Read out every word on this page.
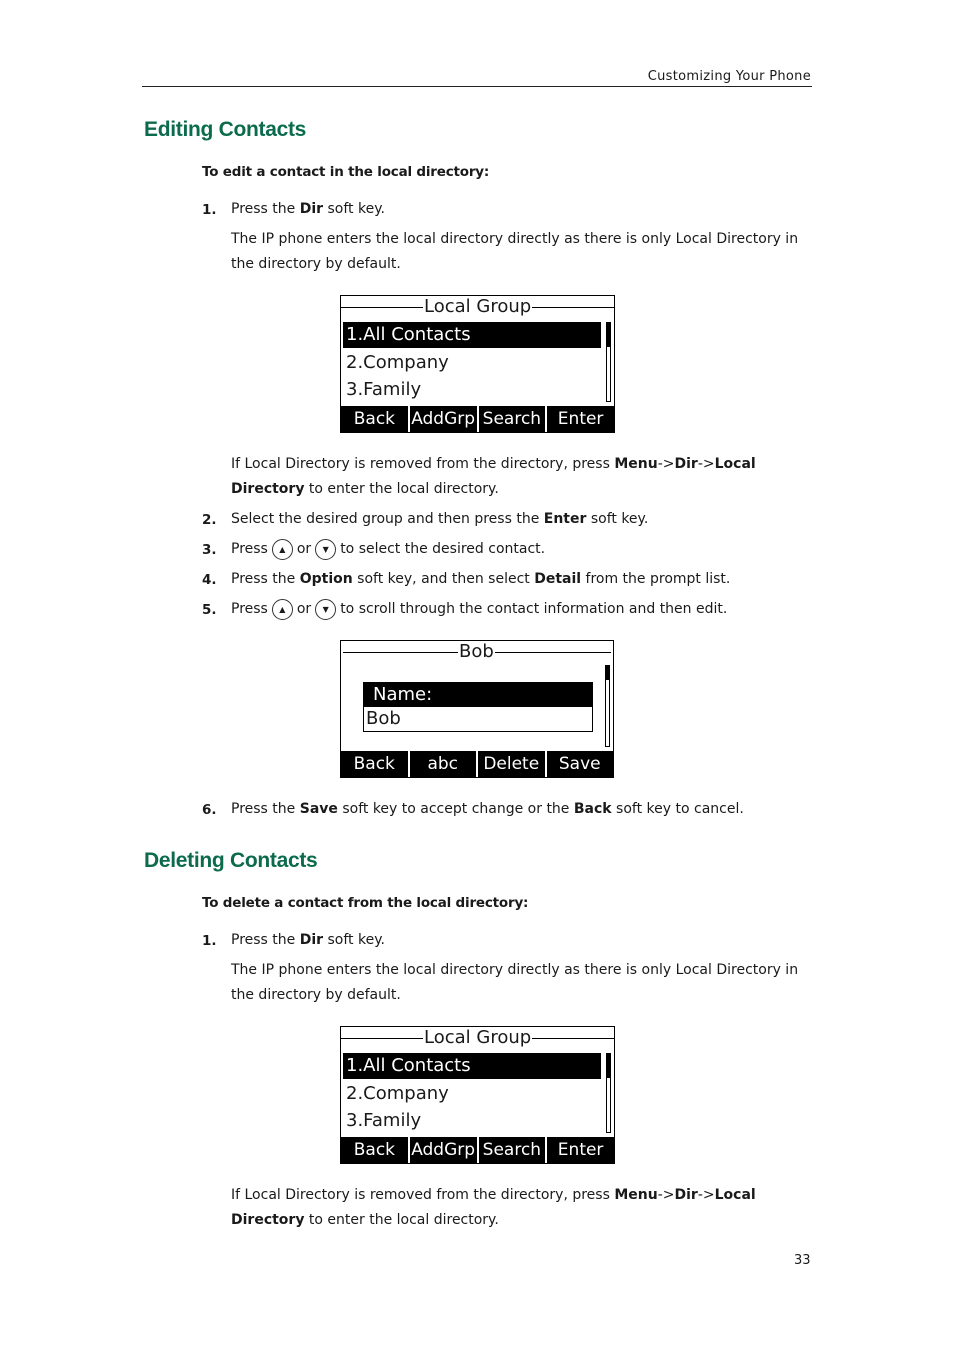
Customizing Your Phone
Editing Contacts
To edit a contact in the local directory:
1. Press the Dir soft key.
The IP phone enters the local directory directly as there is only Local Directory in the directory by default.
Local Group
1.All Contacts
2.Company
3.Family
Back AddGrp Search Enter
If Local Directory is removed from the directory, press Menu->Dir->Local Directory to enter the local directory.
2. Select the desired group and then press the Enter soft key.
3. Press ▲ or ▼ to select the desired contact.
4. Press the Option soft key, and then select Detail from the prompt list.
5. Press ▲ or ▼ to scroll through the contact information and then edit.
Bob
Name:
Bob
Back	abc	Delete	Save
6. Press the Save soft key to accept change or the Back soft key to cancel.
Deleting Contacts
To delete a contact from the local directory:
1. Press the Dir soft key.
The IP phone enters the local directory directly as there is only Local Directory in the directory by default.
Local Group
1.All Contacts
2.Company
3.Family
Back AddGrp Search Enter
If Local Directory is removed from the directory, press Menu->Dir->Local Directory to enter the local directory.
33
